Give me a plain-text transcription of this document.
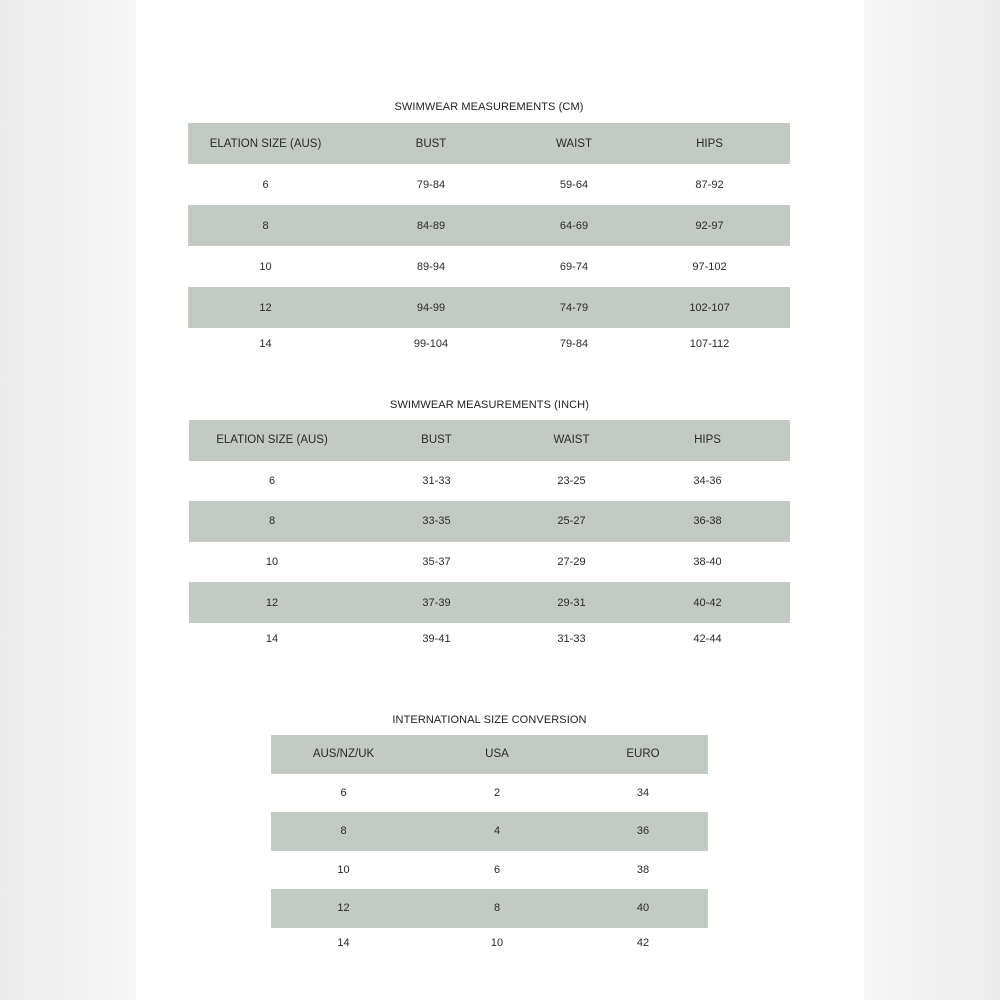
SWIMWEAR MEASUREMENTS (CM)
ELATION SIZE (AUS)	BUST	WAIST	HIPS
6	79-84	59-64	87-92
8	84-89	64-69	92-97
10	89-94	69-74	97-102
12	94-99	74-79	102-107
14	99-104	79-84	107-112
SWIMWEAR MEASUREMENTS (INCH)
ELATION SIZE (AUS)	BUST	WAIST	HIPS
6	31-33	23-25	34-36
8	33-35	25-27	36-38
10	35-37	27-29	38-40
12	37-39	29-31	40-42
14	39-41	31-33	42-44
INTERNATIONAL SIZE CONVERSION
AUS/NZ/UK	USA	EURO
6	2	34
8	4	36
10	6	38
12	8	40
14	10	42
